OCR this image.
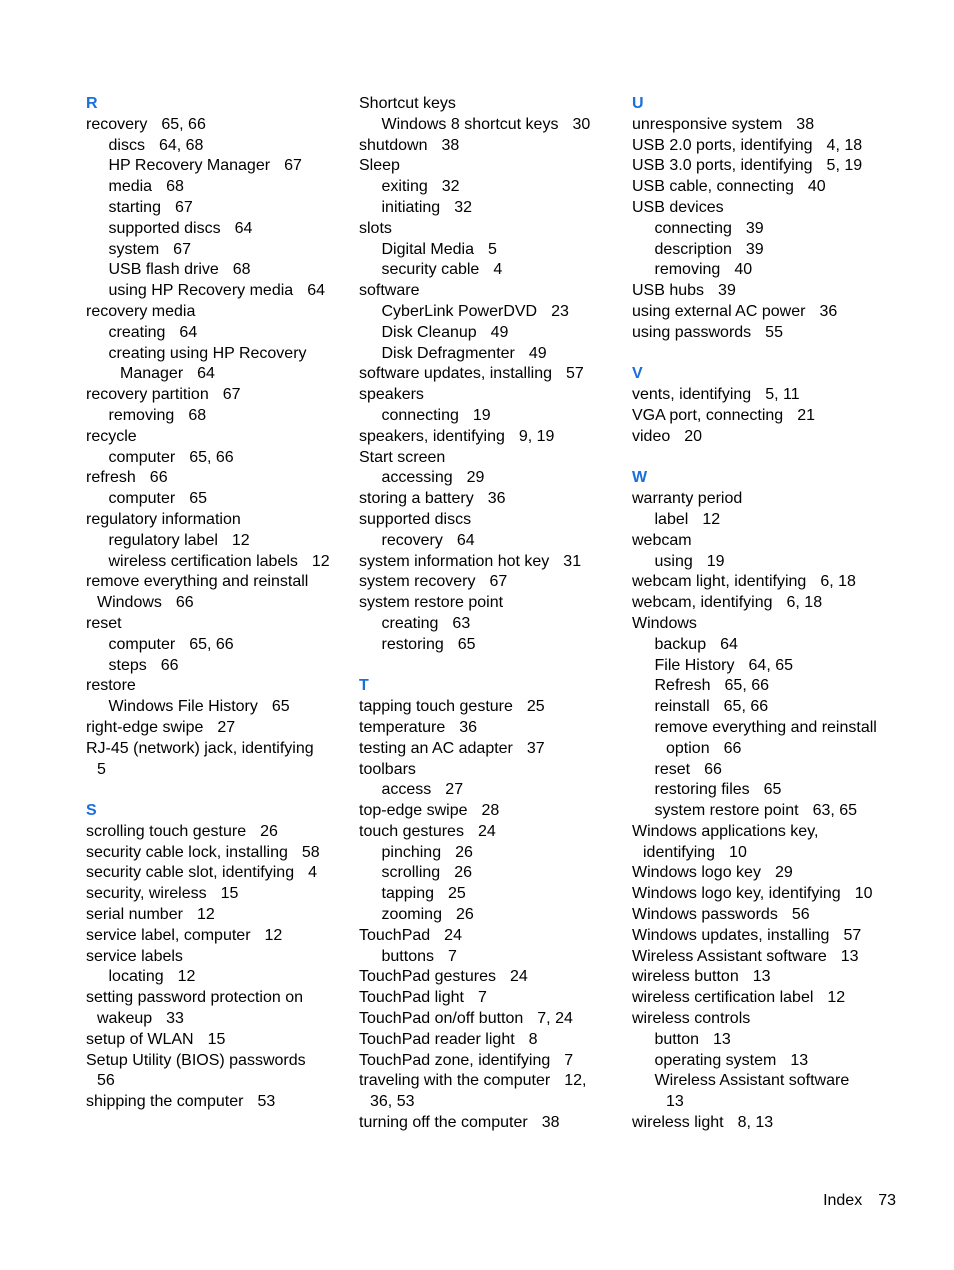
R
recovery 65, 66
discs 64, 68
HP Recovery Manager 67
media 68
starting 67
supported discs 64
system 67
USB flash drive 68
using HP Recovery media 64
recovery media
creating 64
creating using HP Recovery
Manager 64
recovery partition 67
removing 68
recycle
computer 65, 66
refresh 66
computer 65
regulatory information
regulatory label 12
wireless certification labels 12
remove everything and reinstall
Windows 66
reset
computer 65, 66
steps 66
restore
Windows File History 65
right-edge swipe 27
RJ-45 (network) jack, identifying
5
S
scrolling touch gesture 26
security cable lock, installing 58
security cable slot, identifying 4
security, wireless 15
serial number 12
service label, computer 12
service labels
locating 12
setting password protection on
wakeup 33
setup of WLAN 15
Setup Utility (BIOS) passwords
56
shipping the computer 53
Shortcut keys
Windows 8 shortcut keys 30
shutdown 38
Sleep
exiting 32
initiating 32
slots
Digital Media 5
security cable 4
software
CyberLink PowerDVD 23
Disk Cleanup 49
Disk Defragmenter 49
software updates, installing 57
speakers
connecting 19
speakers, identifying 9, 19
Start screen
accessing 29
storing a battery 36
supported discs
recovery 64
system information hot key 31
system recovery 67
system restore point
creating 63
restoring 65
T
tapping touch gesture 25
temperature 36
testing an AC adapter 37
toolbars
access 27
top-edge swipe 28
touch gestures 24
pinching 26
scrolling 26
tapping 25
zooming 26
TouchPad 24
buttons 7
TouchPad gestures 24
TouchPad light 7
TouchPad on/off button 7, 24
TouchPad reader light 8
TouchPad zone, identifying 7
traveling with the computer 12,
36, 53
turning off the computer 38
U
unresponsive system 38
USB 2.0 ports, identifying 4, 18
USB 3.0 ports, identifying 5, 19
USB cable, connecting 40
USB devices
connecting 39
description 39
removing 40
USB hubs 39
using external AC power 36
using passwords 55
V
vents, identifying 5, 11
VGA port, connecting 21
video 20
W
warranty period
label 12
webcam
using 19
webcam light, identifying 6, 18
webcam, identifying 6, 18
Windows
backup 64
File History 64, 65
Refresh 65, 66
reinstall 65, 66
remove everything and reinstall
option 66
reset 66
restoring files 65
system restore point 63, 65
Windows applications key,
identifying 10
Windows logo key 29
Windows logo key, identifying 10
Windows passwords 56
Windows updates, installing 57
Wireless Assistant software 13
wireless button 13
wireless certification label 12
wireless controls
button 13
operating system 13
Wireless Assistant software
13
wireless light 8, 13
Index 73
